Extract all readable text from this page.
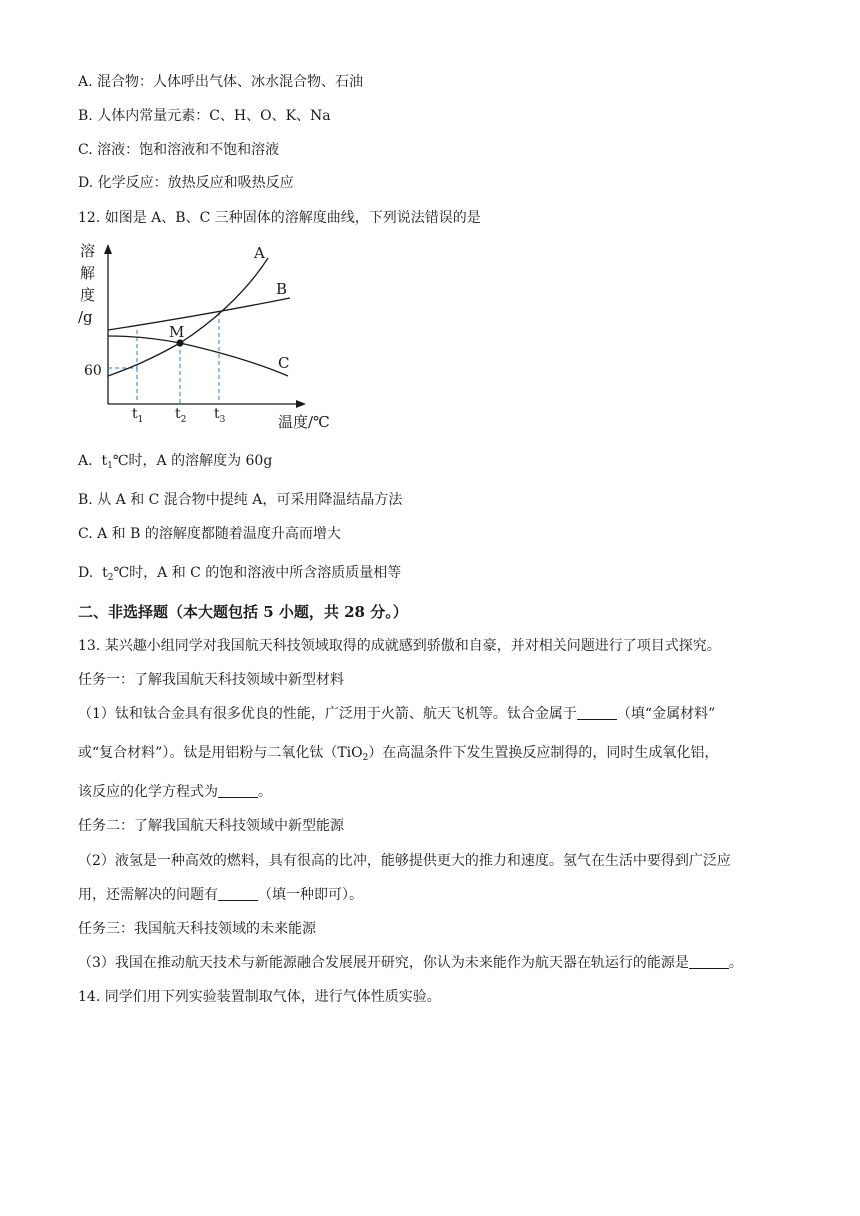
A. 混合物：人体呼出气体、冰水混合物、石油
B. 人体内常量元素：C、H、O、K、Na
C. 溶液：饱和溶液和不饱和溶液
D. 化学反应：放热反应和吸热反应
12. 如图是 A、B、C 三种固体的溶解度曲线，下列说法错误的是
溶
解
度
/g
M
A
B
C
60
$t_1$ $t_2$ $t_3$	温度/℃
A. $t_1℃$时，A 的溶解度为 60g
B. 从 A 和 C 混合物中提纯 A，可采用降温结晶方法
C. A 和 B 的溶解度都随着温度升高而增大
D. $t_2℃$时，A 和 C 的饱和溶液中所含溶质质量相等
二、非选择题（本大题包括 5 小题，共 28 分。）
13. 某兴趣小组同学对我国航天科技领域取得的成就感到骄傲和自豪，并对相关问题进行了项目式探究。
任务一：了解我国航天科技领域中新型材料
（1）钛和钛合金具有很多优良的性能，广泛用于火箭、航天飞机等。钛合金属于	（填“金属材料”
或“复合材料”）。钛是用铝粉与二氧化钛（TiO$_2$）在高温条件下发生置换反应制得的，同时生成氧化铝，
该反应的化学方程式为	。
任务二：了解我国航天科技领域中新型能源
（2）液氢是一种高效的燃料，具有很高的比冲，能够提供更大的推力和速度。氢气在生活中要得到广泛应
用，还需解决的问题有	（填一种即可）。
任务三：我国航天科技领域的未来能源
（3）我国在推动航天技术与新能源融合发展展开研究，你认为未来能作为航天器在轨运行的能源是	。
14. 同学们用下列实验装置制取气体，进行气体性质实验。
